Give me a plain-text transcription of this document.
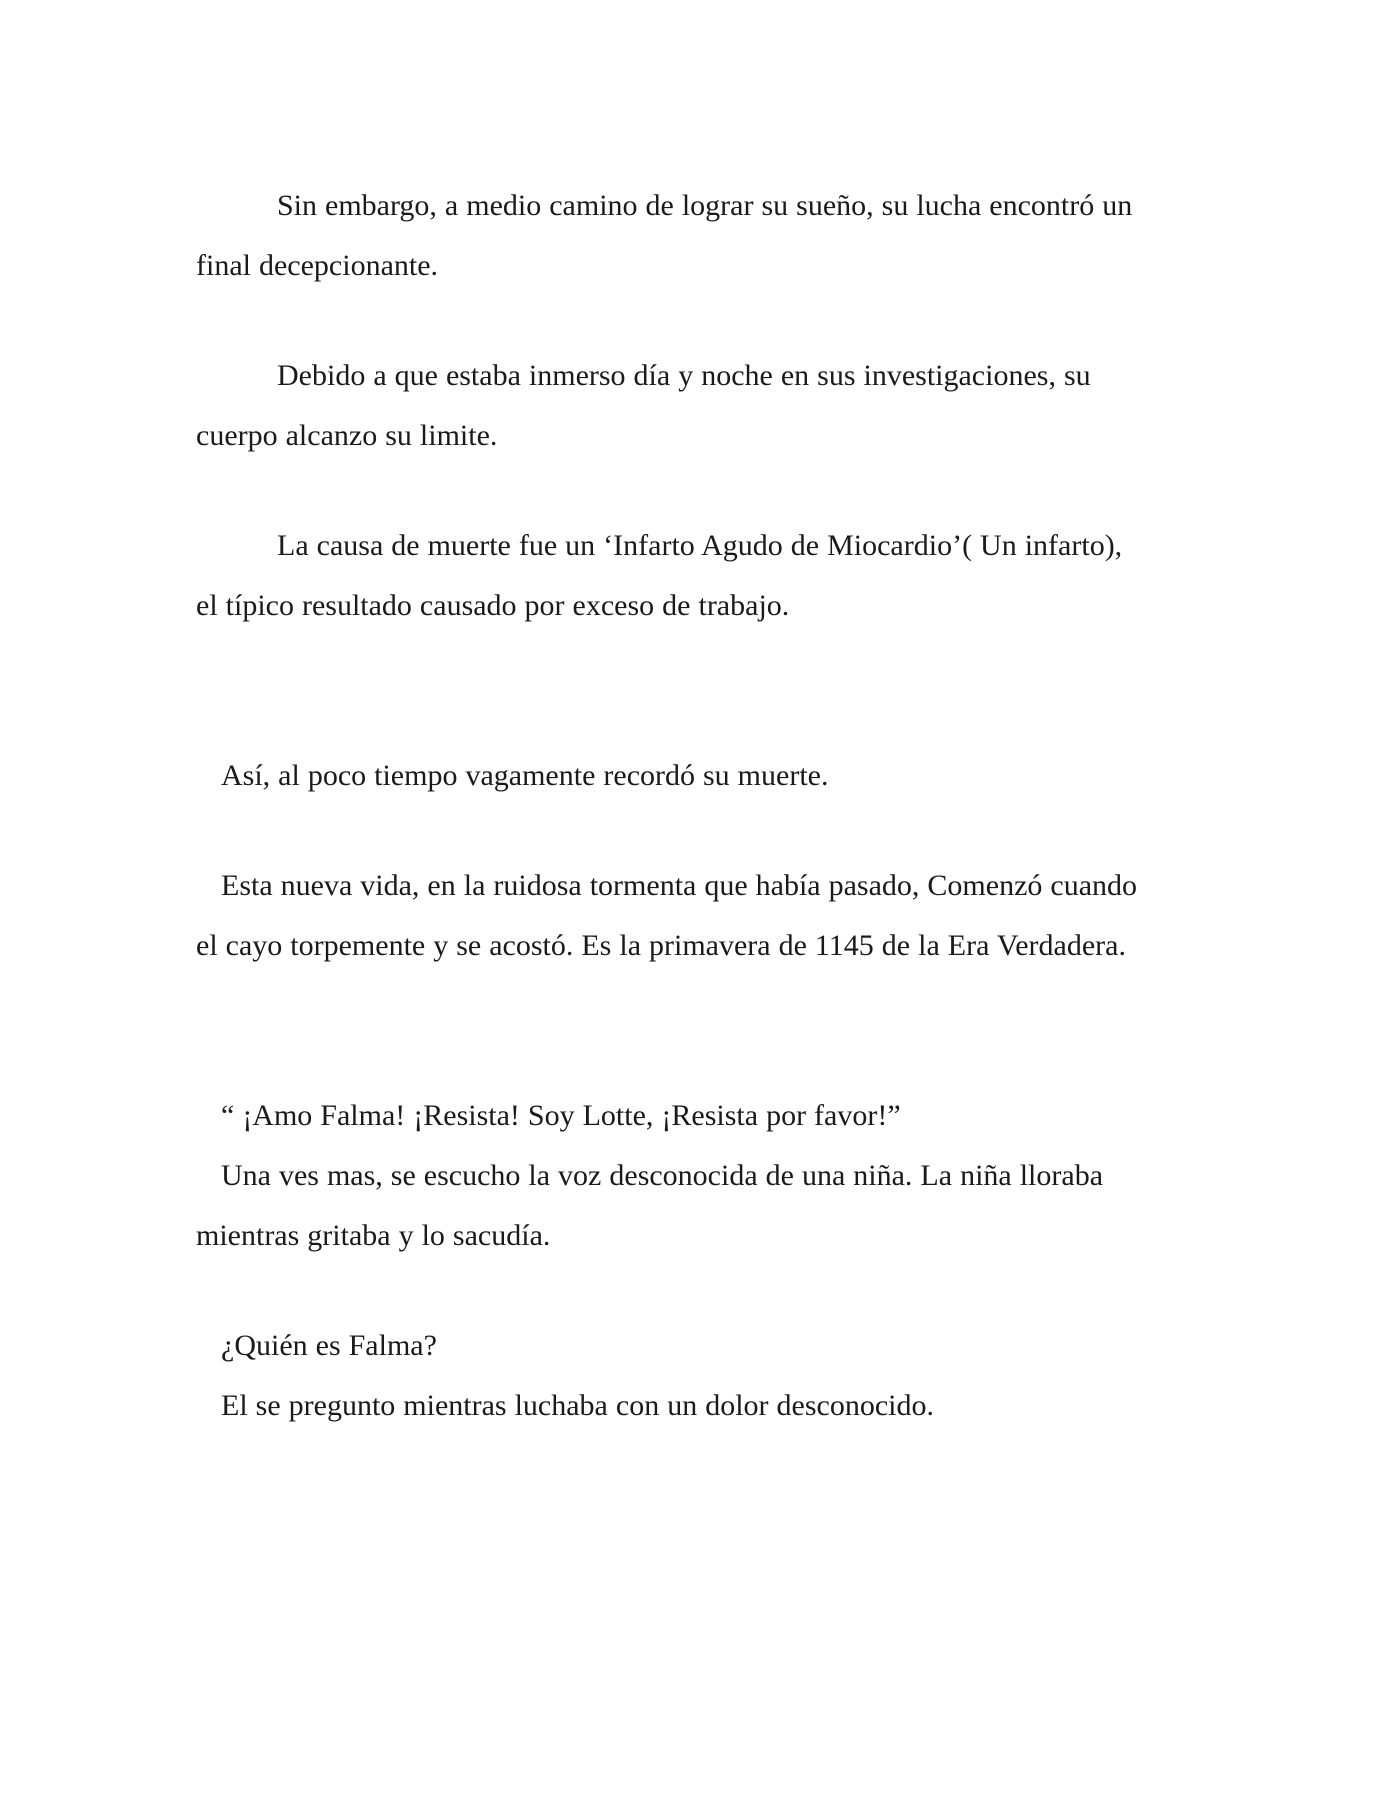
Sin embargo, a medio camino de lograr su sueño, su lucha encontró un
final decepcionante.
Debido a que estaba inmerso día y noche en sus investigaciones, su
cuerpo alcanzo su limite.
La causa de muerte fue un ‘Infarto Agudo de Miocardio’( Un infarto),
el típico resultado causado por exceso de trabajo.
Así, al poco tiempo vagamente recordó su muerte.
Esta nueva vida, en la ruidosa tormenta que había pasado, Comenzó cuando
el cayo torpemente y se acostó. Es la primavera de 1145 de la Era Verdadera.
“ ¡Amo Falma! ¡Resista! Soy Lotte, ¡Resista por favor!”
Una ves mas, se escucho la voz desconocida de una niña. La niña lloraba
mientras gritaba y lo sacudía.
¿Quién es Falma?
El se pregunto mientras luchaba con un dolor desconocido.
